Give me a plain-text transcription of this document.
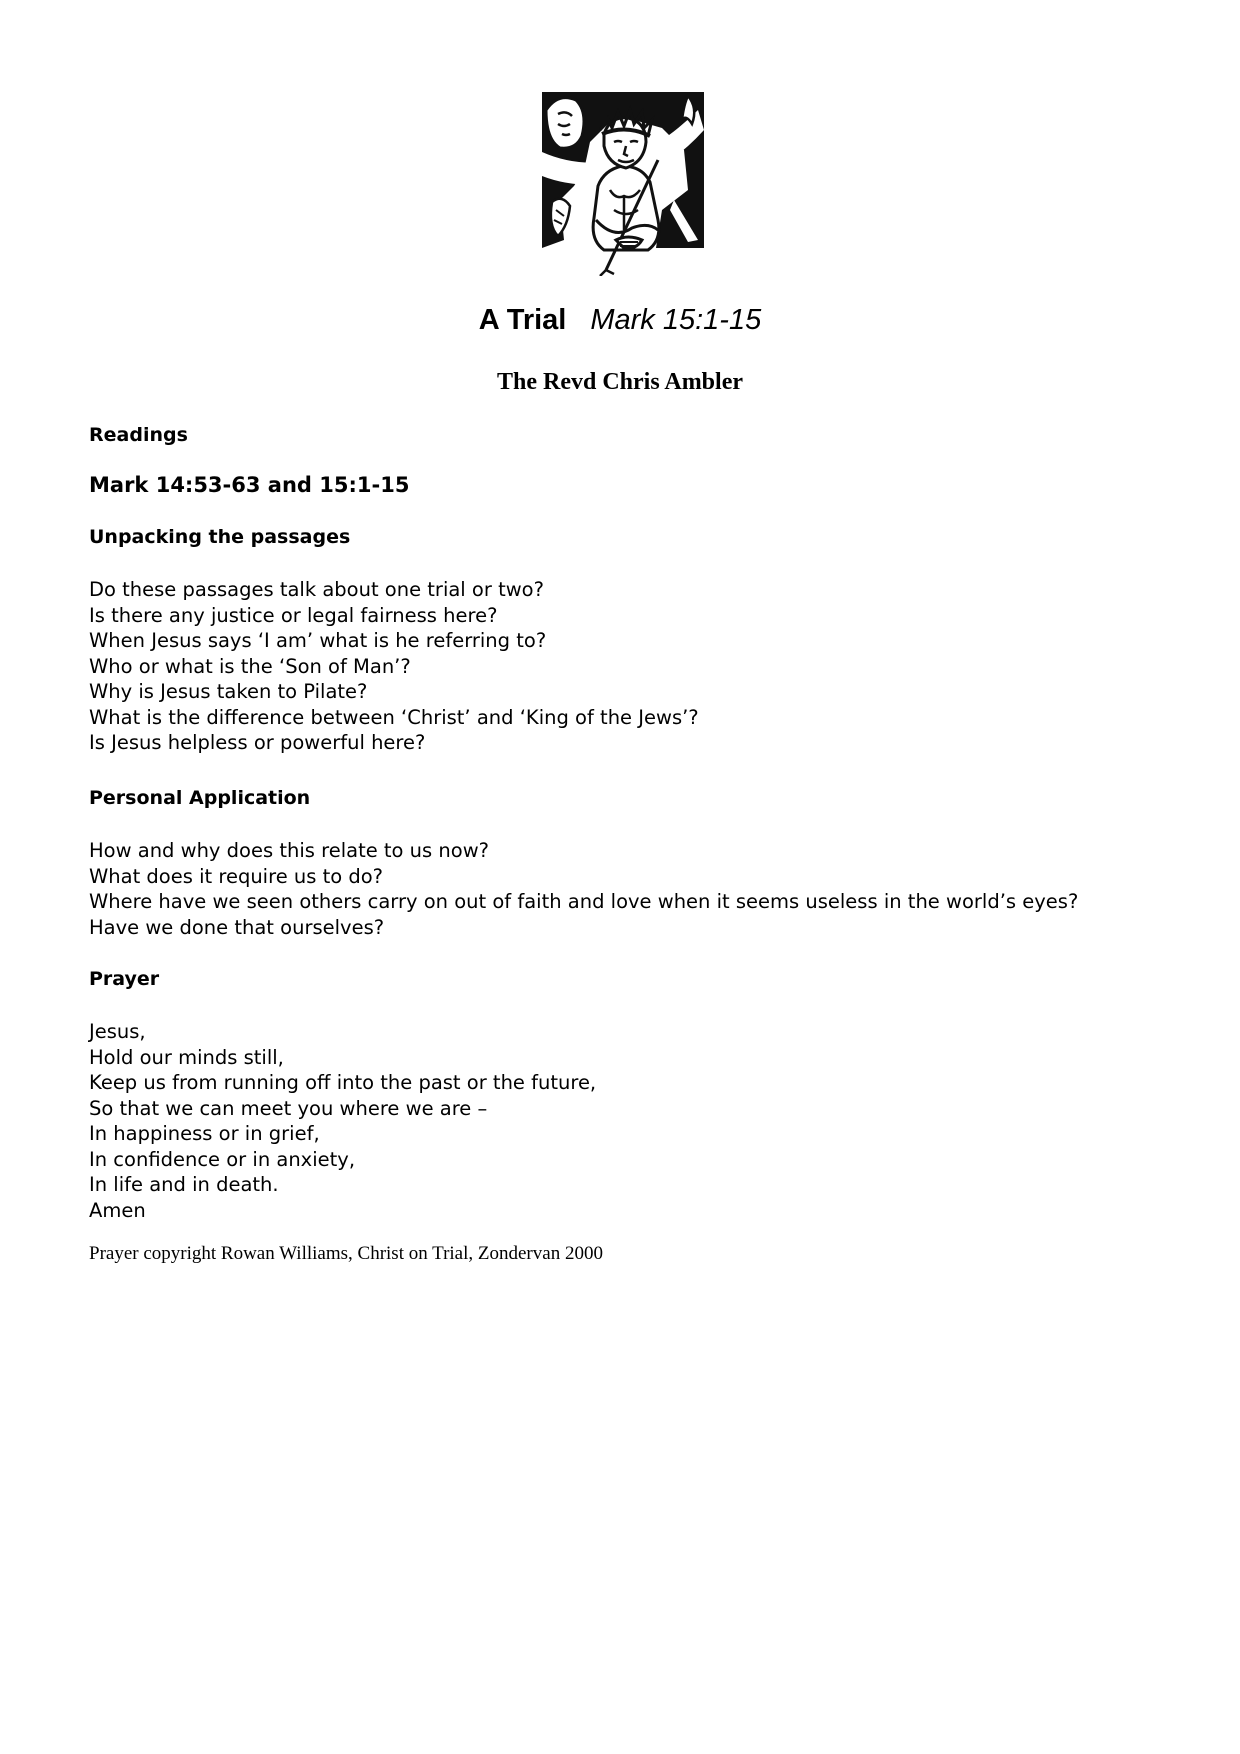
A Trial Mark 15:1-15
The Revd Chris Ambler
Readings
Mark 14:53-63 and 15:1-15
Unpacking the passages
Do these passages talk about one trial or two?
Is there any justice or legal fairness here?
When Jesus says ‘I am’ what is he referring to?
Who or what is the ‘Son of Man’?
Why is Jesus taken to Pilate?
What is the difference between ‘Christ’ and ‘King of the Jews’?
Is Jesus helpless or powerful here?
Personal Application
How and why does this relate to us now?
What does it require us to do?
Where have we seen others carry on out of faith and love when it seems useless in the world’s eyes?
Have we done that ourselves?
Prayer
Jesus,
Hold our minds still,
Keep us from running off into the past or the future,
So that we can meet you where we are –
In happiness or in grief,
In confidence or in anxiety,
In life and in death.
Amen
Prayer copyright Rowan Williams, Christ on Trial, Zondervan 2000
